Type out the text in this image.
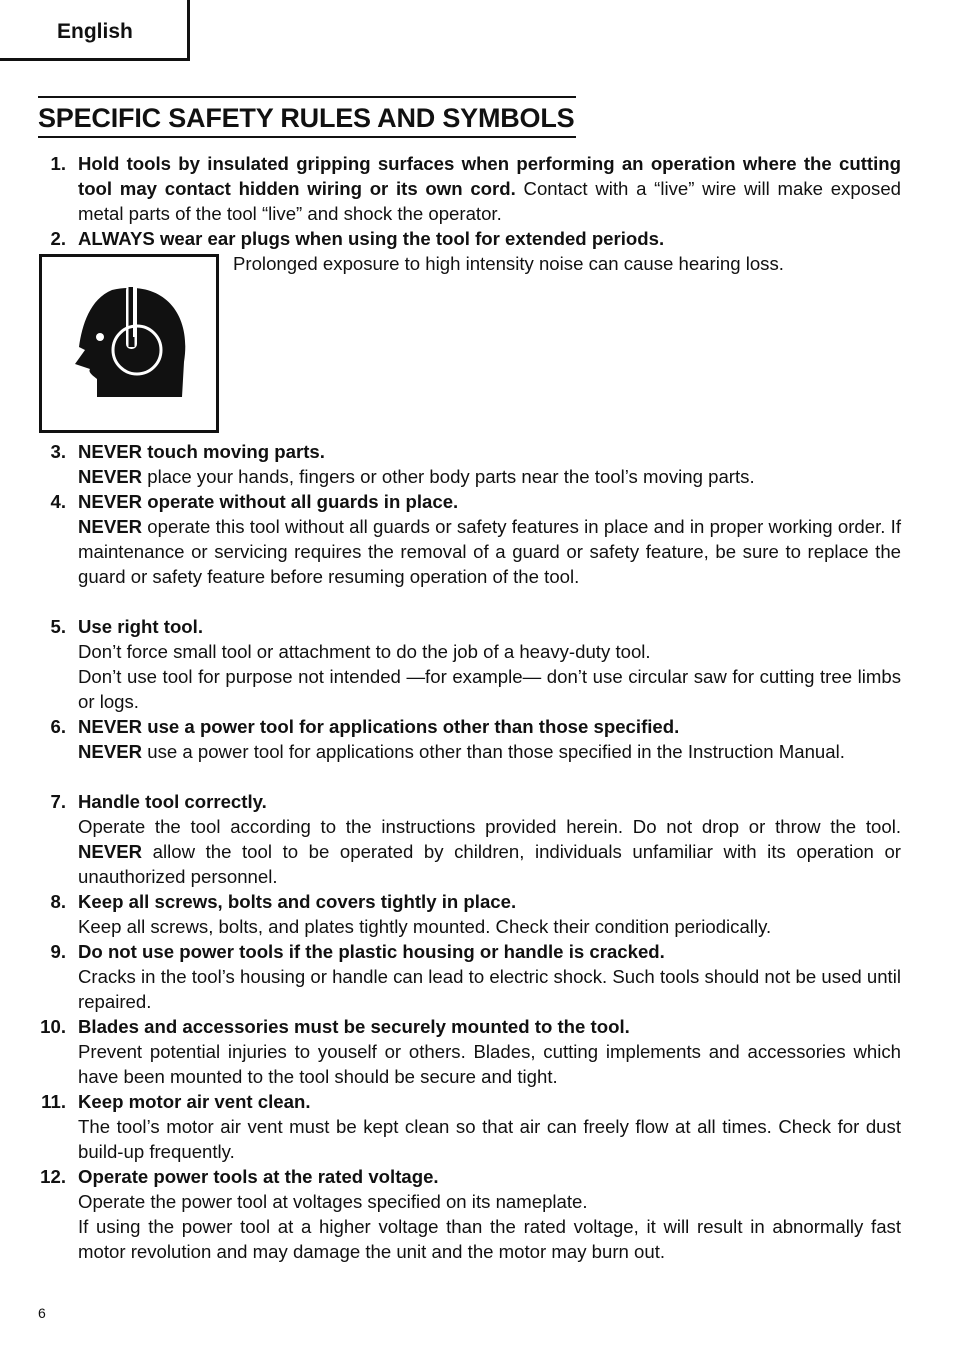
English
SPECIFIC SAFETY RULES AND SYMBOLS
1. Hold tools by insulated gripping surfaces when performing an operation where the cutting tool may contact hidden wiring or its own cord. Contact with a “live” wire will make exposed metal parts of the tool “live” and shock the operator.
2. ALWAYS wear ear plugs when using the tool for extended periods.
Prolonged exposure to high intensity noise can cause hearing loss.
3. NEVER touch moving parts.
NEVER place your hands, fingers or other body parts near the tool’s moving parts.
4. NEVER operate without all guards in place.
NEVER operate this tool without all guards or safety features in place and in proper working order. If maintenance or servicing requires the removal of a guard or safety feature, be sure to replace the guard or safety feature before resuming operation of the tool.
5. Use right tool.
Don’t force small tool or attachment to do the job of a heavy-duty tool.
Don’t use tool for purpose not intended —for example— don’t use circular saw for cutting tree limbs or logs.
6. NEVER use a power tool for applications other than those specified.
NEVER use a power tool for applications other than those specified in the Instruction Manual.
7. Handle tool correctly.
Operate the tool according to the instructions provided herein. Do not drop or throw the tool. NEVER allow the tool to be operated by children, individuals unfamiliar with its operation or unauthorized personnel.
8. Keep all screws, bolts and covers tightly in place.
Keep all screws, bolts, and plates tightly mounted. Check their condition periodically.
9. Do not use power tools if the plastic housing or handle is cracked.
Cracks in the tool’s housing or handle can lead to electric shock. Such tools should not be used until repaired.
10. Blades and accessories must be securely mounted to the tool.
Prevent potential injuries to youself or others. Blades, cutting implements and accessories which have been mounted to the tool should be secure and tight.
11. Keep motor air vent clean.
The tool’s motor air vent must be kept clean so that air can freely flow at all times. Check for dust build-up frequently.
12. Operate power tools at the rated voltage.
Operate the power tool at voltages specified on its nameplate.
If using the power tool at a higher voltage than the rated voltage, it will result in abnormally fast motor revolution and may damage the unit and the motor may burn out.
6
